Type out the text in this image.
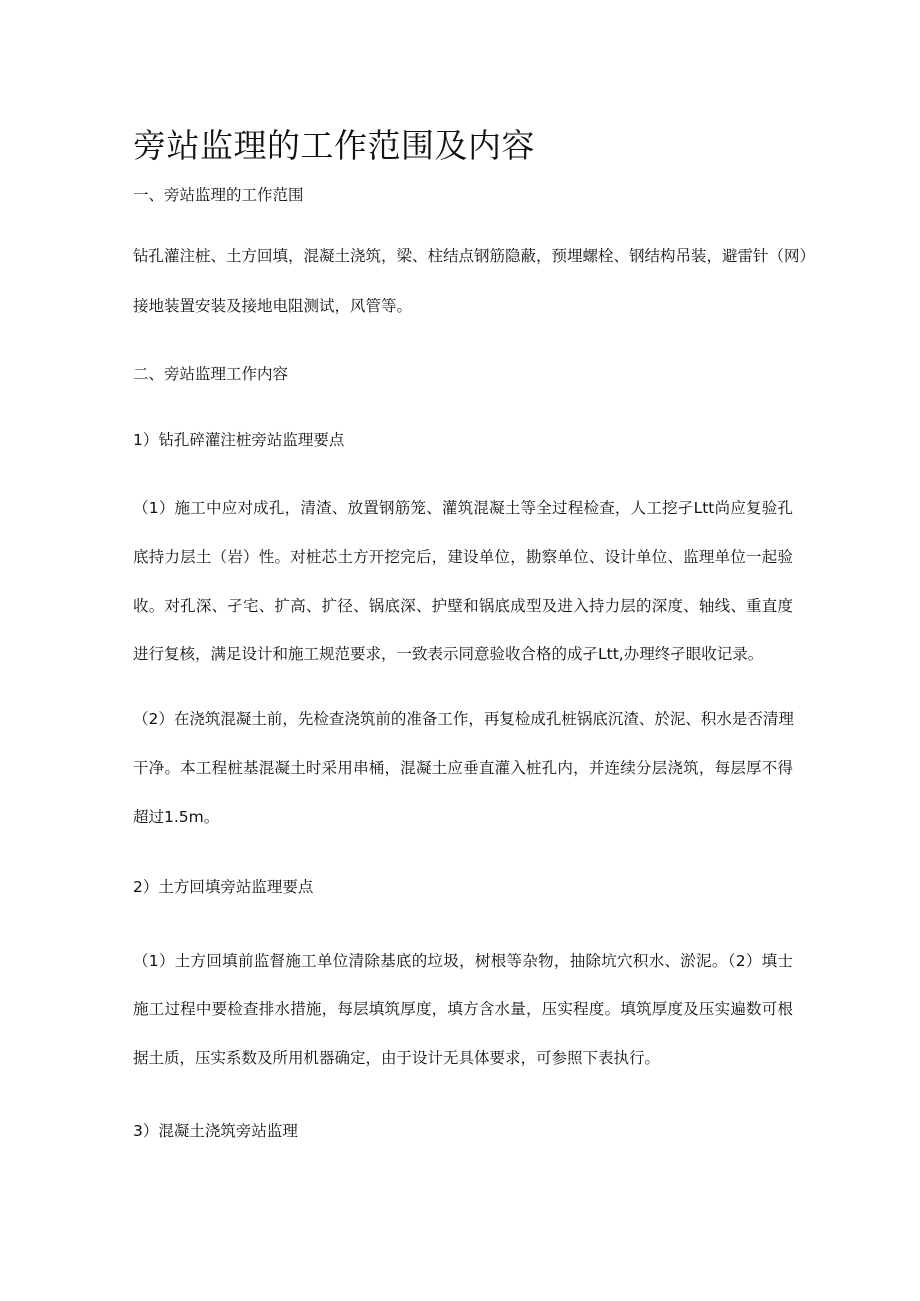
旁站监理的工作范围及内容

一、旁站监理的工作范围

钻孔灌注桩、土方回填，混凝土浇筑，梁、柱结点钢筋隐蔽，预埋螺栓、钢结构吊装，避雷针（网）

接地装置安装及接地电阻测试，风管等。

二、旁站监理工作内容

1）钻孔碎灌注桩旁站监理要点

（1）施工中应对成孔，清渣、放置钢筋笼、灌筑混凝土等全过程检查，人工挖孑Ltt尚应复验孔

底持力层土（岩）性。对桩芯土方开挖完后，建设单位，勘察单位、设计单位、监理单位一起验

收。对孔深、孑宅、扩高、扩径、锅底深、护壁和锅底成型及进入持力层的深度、轴线、重直度

进行复核，满足设计和施工规范要求，一致表示同意验收合格的成孑Ltt,办理终孑眼收记录。

（2）在浇筑混凝土前，先检查浇筑前的准备工作，再复检成孔桩锅底沉渣、於泥、积水是否清理

干净。本工程桩基混凝土时采用串桶，混凝土应垂直灌入桩孔内，并连续分层浇筑，每层厚不得

超过1.5m。

2）土方回填旁站监理要点

（1）土方回填前监督施工单位清除基底的垃圾，树根等杂物，抽除坑穴积水、淤泥。（2）填士

施工过程中要检查排水措施，每层填筑厚度，填方含水量，压实程度。填筑厚度及压实遍数可根

据土质，压实系数及所用机器确定，由于设计无具体要求，可参照下表执行。

3）混凝土浇筑旁站监理
